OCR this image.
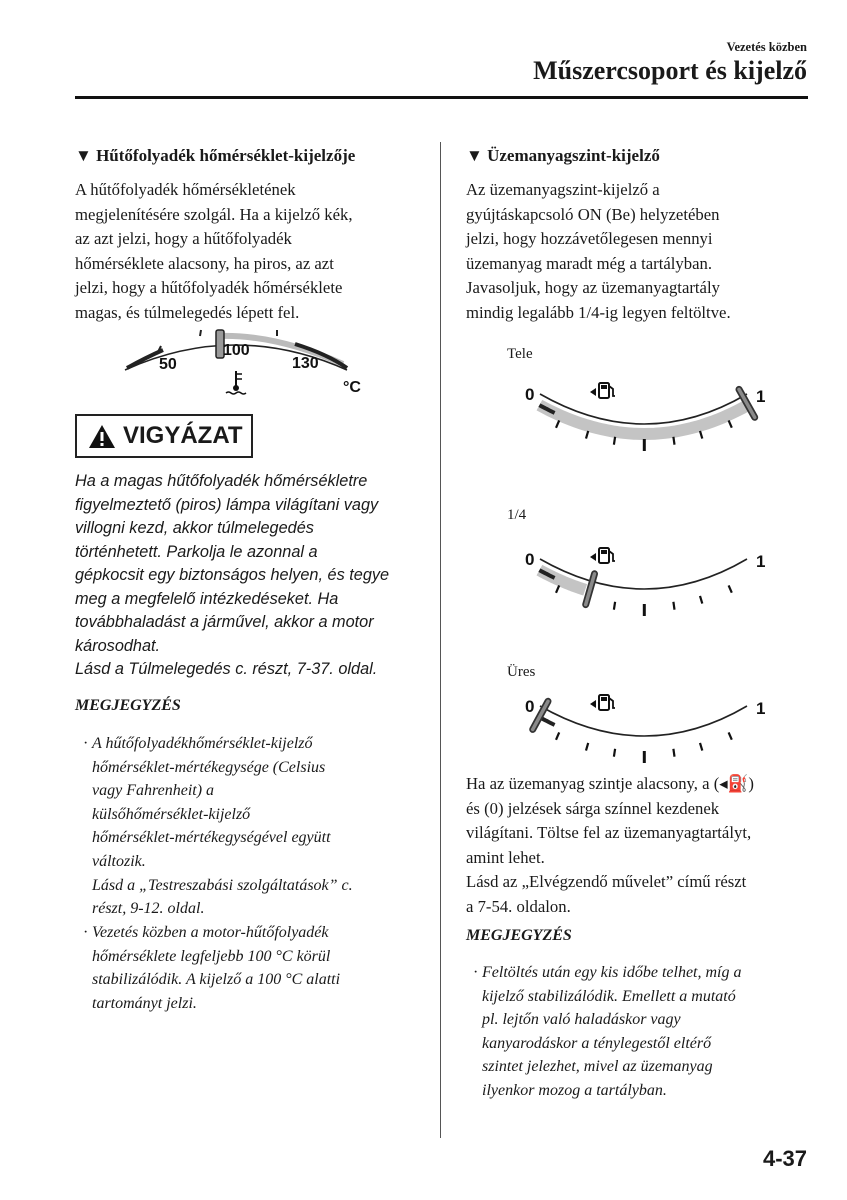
Vezetés közben
Műszercsoport és kijelző
▼ Hűtőfolyadék hőmérséklet-kijelzője
A hűtőfolyadék hőmérsékletének
megjelenítésére szolgál. Ha a kijelző kék,
az azt jelzi, hogy a hűtőfolyadék
hőmérséklete alacsony, ha piros, az azt
jelzi, hogy a hűtőfolyadék hőmérséklete
magas, és túlmelegedés lépett fel.
50
100
130
°C
VIGYÁZAT
Ha a magas hűtőfolyadék hőmérsékletre
figyelmeztető (piros) lámpa világítani vagy
villogni kezd, akkor túlmelegedés
történhetett. Parkolja le azonnal a
gépkocsit egy biztonságos helyen, és tegye
meg a megfelelő intézkedéseket. Ha
továbbhaladást a járművel, akkor a motor
károsodhat.
Lásd a Túlmelegedés c. részt, 7-37. oldal.
MEGJEGYZÉS
· A hűtőfolyadékhőmérséklet-kijelző
hőmérséklet-mértékegysége (Celsius
vagy Fahrenheit) a
külsőhőmérséklet-kijelző
hőmérséklet-mértékegységével együtt
változik.
Lásd a „Testreszabási szolgáltatások” c.
részt, 9-12. oldal.
· Vezetés közben a motor-hűtőfolyadék
hőmérséklete legfeljebb 100 °C körül
stabilizálódik. A kijelző a 100 °C alatti
tartományt jelzi.
▼ Üzemanyagszint-kijelző
Az üzemanyagszint-kijelző a
gyújtáskapcsoló ON (Be) helyzetében
jelzi, hogy hozzávetőlegesen mennyi
üzemanyag maradt még a tartályban.
Javasoljuk, hogy az üzemanyagtartály
mindig legalább 1/4-ig legyen feltöltve.
Tele
0	1
1/4
0	1
Üres
0	1
Ha az üzemanyag szintje alacsony, a (◂⛽)
és (0) jelzések sárga színnel kezdenek
világítani. Töltse fel az üzemanyagtartályt,
amint lehet.
Lásd az „Elvégzendő művelet” című részt
a 7-54. oldalon.
MEGJEGYZÉS
· Feltöltés után egy kis időbe telhet, míg a
kijelző stabilizálódik. Emellett a mutató
pl. lejtőn való haladáskor vagy
kanyarodáskor a ténylegestől eltérő
szintet jelezhet, mivel az üzemanyag
ilyenkor mozog a tartályban.
4-37
